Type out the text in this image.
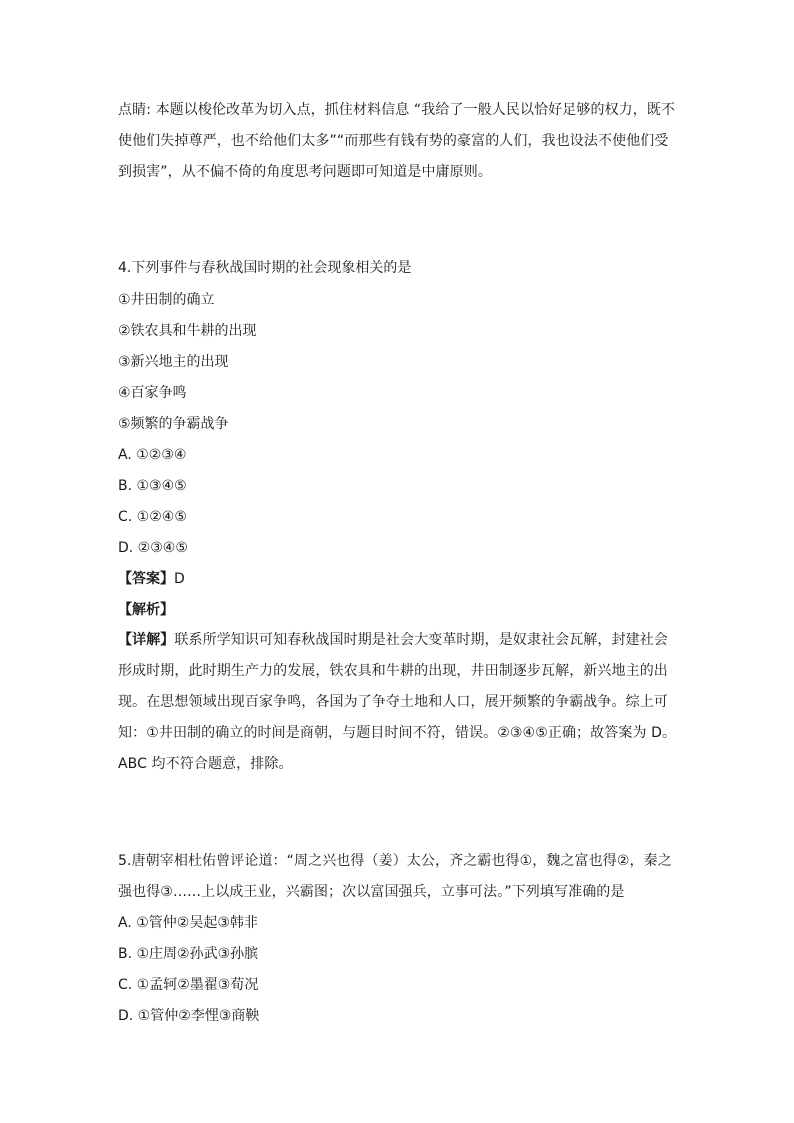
点睛: 本题以梭伦改革为切入点，抓住材料信息 “我给了一般人民以恰好足够的权力，既不使他们失掉尊严，也不给他们太多”“而那些有钱有势的豪富的人们，我也设法不使他们受到损害”，从不偏不倚的角度思考问题即可知道是中庸原则。

4.下列事件与春秋战国时期的社会现象相关的是
①井田制的确立
②铁农具和牛耕的出现
③新兴地主的出现
④百家争鸣
⑤频繁的争霸战争
A. ①②③④
B. ①③④⑤
C. ①②④⑤
D. ②③④⑤
【答案】D
【解析】

【详解】联系所学知识可知春秋战国时期是社会大变革时期，是奴隶社会瓦解，封建社会形成时期，此时期生产力的发展，铁农具和牛耕的出现，井田制逐步瓦解，新兴地主的出现。在思想领域出现百家争鸣，各国为了争夺土地和人口，展开频繁的争霸战争。综上可知：①井田制的确立的时间是商朝，与题目时间不符，错误。②③④⑤正确；故答案为 D。ABC 均不符合题意，排除。

5.唐朝宰相杜佑曾评论道：“周之兴也得（姜）太公，齐之霸也得①，魏之富也得②，秦之强也得③……上以成王业，兴霸图；次以富国强兵，立事可法。”下列填写准确的是

A. ①管仲②吴起③韩非
B. ①庄周②孙武③孙膑
C. ①孟轲②墨翟③荀况
D. ①管仲②李悝③商鞅
